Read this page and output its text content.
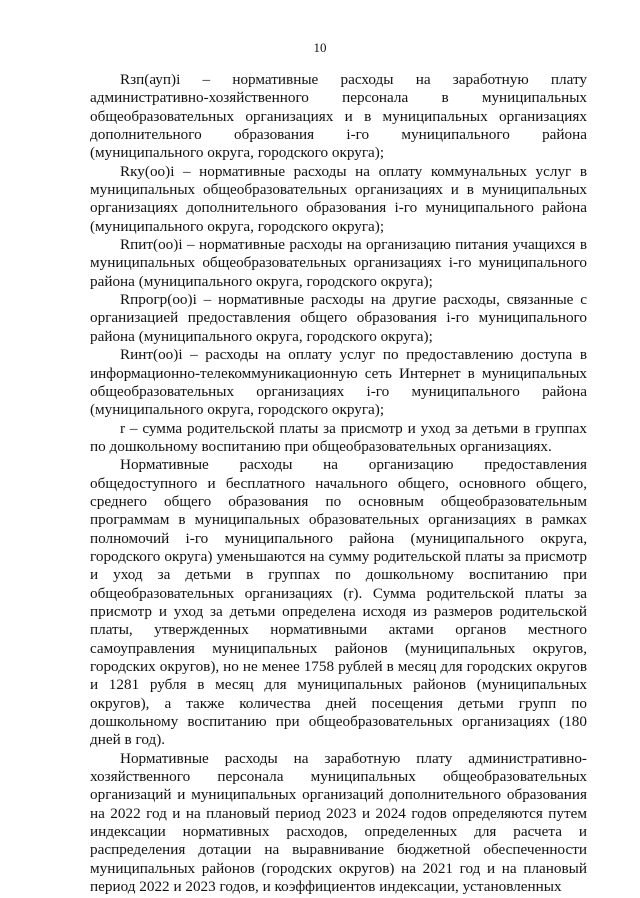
10

Rзп(ауп)i – нормативные расходы на заработную плату административно-хозяйственного персонала в муниципальных общеобразовательных организациях и в муниципальных организациях дополнительного образования i-го муниципального района (муниципального округа, городского округа);

Rку(оо)i – нормативные расходы на оплату коммунальных услуг в муниципальных общеобразовательных организациях и в муниципальных организациях дополнительного образования i-го муниципального района (муниципального округа, городского округа);

Rпит(оо)i – нормативные расходы на организацию питания учащихся в муниципальных общеобразовательных организациях i-го муниципального района (муниципального округа, городского округа);

Rпрогр(оо)i – нормативные расходы на другие расходы, связанные с организацией предоставления общего образования i-го муниципального района (муниципального округа, городского округа);

Rинт(оо)i – расходы на оплату услуг по предоставлению доступа в информационно-телекоммуникационную сеть Интернет в муниципальных общеобразовательных организациях i-го муниципального района (муниципального округа, городского округа);

r – сумма родительской платы за присмотр и уход за детьми в группах по дошкольному воспитанию при общеобразовательных организациях.

Нормативные расходы на организацию предоставления общедоступного и бесплатного начального общего, основного общего, среднего общего образования по основным общеобразовательным программам в муниципальных образовательных организациях в рамках полномочий i-го муниципального района (муниципального округа, городского округа) уменьшаются на сумму родительской платы за присмотр и уход за детьми в группах по дошкольному воспитанию при общеобразовательных организациях (r). Сумма родительской платы за присмотр и уход за детьми определена исходя из размеров родительской платы, утвержденных нормативными актами органов местного самоуправления муниципальных районов (муниципальных округов, городских округов), но не менее 1758 рублей в месяц для городских округов и 1281 рубля в месяц для муниципальных районов (муниципальных округов), а также количества дней посещения детьми групп по дошкольному воспитанию при общеобразовательных организациях (180 дней в год).

Нормативные расходы на заработную плату административно-хозяйственного персонала муниципальных общеобразовательных организаций и муниципальных организаций дополнительного образования на 2022 год и на плановый период 2023 и 2024 годов определяются путем индексации нормативных расходов, определенных для расчета и распределения дотации на выравнивание бюджетной обеспеченности муниципальных районов (городских округов) на 2021 год и на плановый период 2022 и 2023 годов, и коэффициентов индексации, установленных
